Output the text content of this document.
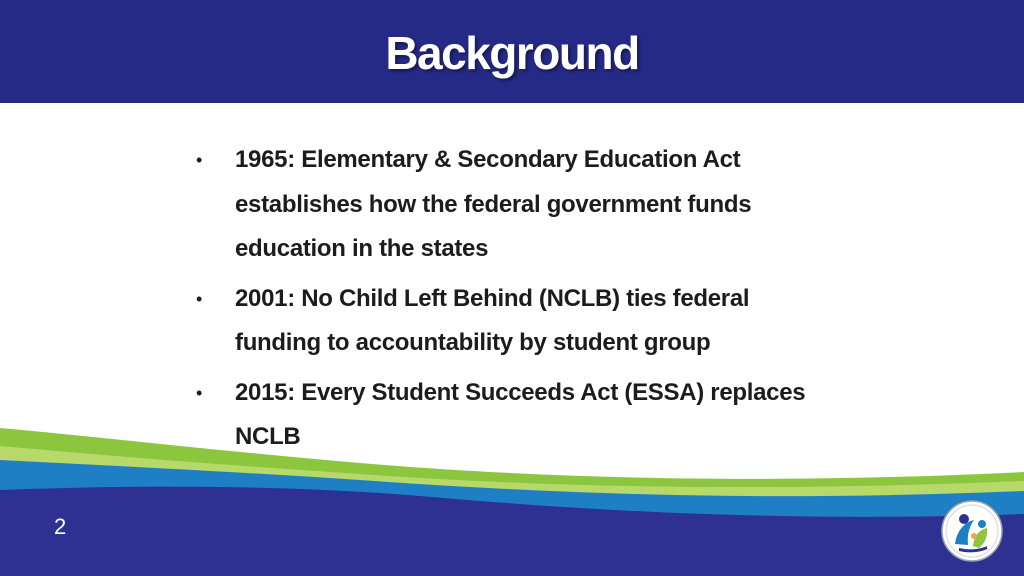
Background
•	1965: Elementary & Secondary Education Act establishes how the federal government funds education in the states
•	2001: No Child Left Behind (NCLB) ties federal funding to accountability by student group
•	2015: Every Student Succeeds Act (ESSA) replaces NCLB
2
